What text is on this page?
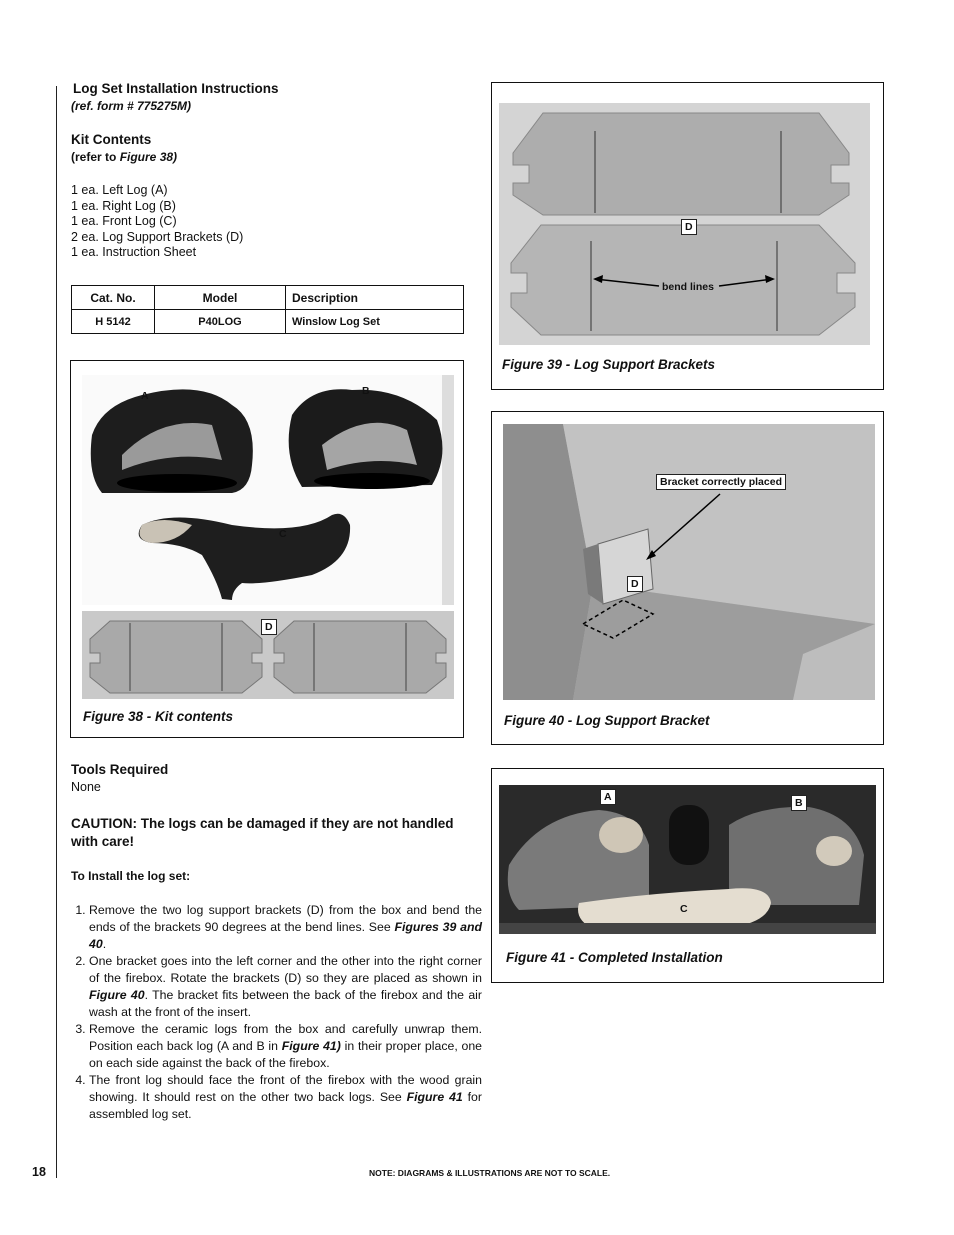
Log Set Installation Instructions
(ref. form # 775275M)
Kit Contents
(refer to Figure 38)
1 ea. Left Log (A)
1 ea. Right Log (B)
1 ea. Front Log (C)
2 ea. Log Support Brackets (D)
1 ea. Instruction Sheet
Cat. No.	Model	Description
H 5142	P40LOG	Winslow Log Set
A	B
C
D
Figure 38 - Kit contents
D
bend lines
Figure 39 - Log Support Brackets
Bracket correctly placed
D
Figure 40 - Log Support Bracket
A	B
C
Figure 41 - Completed Installation
Tools Required
None
CAUTION: The logs can be damaged if they are not handled with care!
To Install the log set:
1. Remove the two log support brackets (D) from the box and bend the ends of the brackets 90 degrees at the bend lines. See Figures 39 and 40.
2. One bracket goes into the left corner and the other into the right corner of the firebox. Rotate the brackets (D) so they are placed as shown in Figure 40. The bracket fits between the back of the firebox and the air wash at the front of the insert.
3. Remove the ceramic logs from the box and carefully unwrap them. Position each back log (A and B in Figure 41) in their proper place, one on each side against the back of the firebox.
4. The front log should face the front of the firebox with the wood grain showing. It should rest on the other two back logs. See Figure 41 for assembled log set.
18	NOTE: DIAGRAMS & ILLUSTRATIONS ARE NOT TO SCALE.
